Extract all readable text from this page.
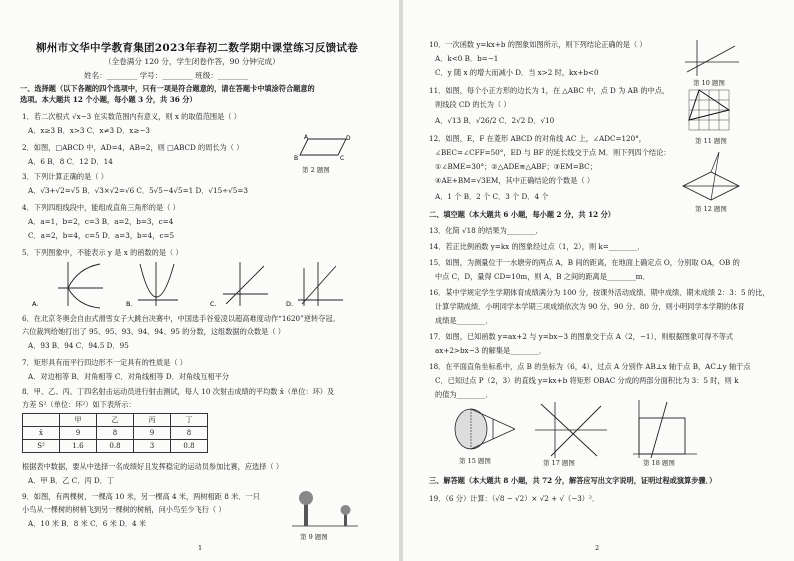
柳州市文华中学教育集团2023年春初二数学期中课堂练习反馈试卷
（全卷满分 120 分，学生闭卷作答，90 分钟完成）
姓名：________ 学号：________ 班级：________
一、选择题（以下各题的四个选项中，只有一项是符合题意的，请在答题卡中填涂符合题意的
选项。本大题共 12 个小题，每小题 3 分，共 36 分）
1．若二次根式 √x−3 在实数范围内有意义，则 x 的取值范围是（ ）
A．x≥3 B．x>3 C．x≠3 D．x≥−3
2．如图，□ABCD 中，AD=4，AB=2，则 □ABCD 的周长为（ ）
A．6 B．8 C．12 D．14	B	C
A	D
第 2 题图
3．下列计算正确的是（ ）
A．√3+√2=√5 B．√3×√2=√6 C．5√5−4√5=1 D．√15÷√5=3
4．下列四组线段中，能组成直角三角形的是（ ）
A．a=1，b=2，c=3 B．a=2，b=3，c=4
C．a=2，b=4，c=5 D．a=3，b=4，c=5
5．下列图象中，不能表示 y 是 x 的函数的是（ ）
A.	B.	C.	D.
6．在北京冬奥会自由式滑雪女子大跳台决赛中，中国选手谷爱凌以超高难度动作“1620”逆转夺冠。
六位裁判给她打出了 95、95、93、94、94、95 的分数，这组数据的众数是（ ）
A．93 B．94 C．94.5 D．95
7．矩形具有而平行四边形不一定具有的性质是（ ）
A．对边相等 B．对角相等 C．对角线相等 D．对角线互相平分
8．甲、乙、丙、丁四名射击运动员进行射击测试，每人 10 次射击成绩的平均数 x̄（单位：环）及
方差 S²（单位：环²）如下表所示：
	甲	乙	丙	丁
x̄	9	8	9	8
S²	1.6	0.8	3	0.8
根据表中数据，要从中选择一名成绩好且发挥稳定的运动员参加比赛，应选择（ ）
A．甲 B．乙 C．丙 D．丁
9．如图，有两棵树，一棵高 10 米，另一棵高 4 米，两树相距 8 米．一只
小鸟从一棵树的树梢飞到另一棵树的树梢，问小鸟至少飞行（ ）
A．10 米 B．8 米 C．6 米 D．4 米
第 9 题图
1
10．一次函数 y=kx+b 的图象如图所示，则下列结论正确的是（ ）
A．k<0 B．b=−1
C．y 随 x 的增大而减小 D．当 x>2 时，kx+b<0
第 10 题图
11．如图，每个小正方形的边长为 1，在 △ABC 中，点 D 为 AB 的中点，
则线段 CD 的长为（ ）
A．√13 B．√26/2 C．2√2 D．√10
第 11 题图
12．如图，E，F 在菱形 ABCD 的对角线 AC 上，∠ADC=120°，
∠BEC=∠CFF=50°，ED 与 BF 的延长线交于点 M．则下列四个结论：
①∠BME=30°；②△ADE≌△ABF；③EM=BC；
④AE+BM=√3EM，其中正确结论的个数是（ ）
A．1 个 B．2 个 C．3 个 D．4 个
第 12 题图
二、填空题（本大题共 6 小题，每小题 2 分，共 12 分）
13．化简 √18 的结果为________．
14．若正比例函数 y=kx 的图象经过点（1，2），则 k=________．
15．如图，为测量位于一水塘旁的两点 A，B 间的距离，在地面上确定点 O，分别取 OA，OB 的
中点 C，D，量得 CD=10m，则 A，B 之间的距离是________m．
16．某中学规定学生学期体育成绩满分为 100 分，按课外活动成绩、期中成绩、期末成绩 2：3：5 的比，
计算学期成绩．小明同学本学期三项成绩依次为 90 分、90 分、80 分，则小明同学本学期的体育
成绩是________．
17．如图，已知函数 y=ax+2 与 y=bx−3 的图象交于点 A（2，−1），则根据图象可得不等式
ax+2>bx−3 的解集是________．
18．在平面直角坐标系中，点 B 的坐标为（6，4），过点 A 分别作 AB⊥x 轴于点 B，AC⊥y 轴于点
C．已知过点 P（2，3）的直线 y=kx+b 将矩形 OBAC 分成的两部分面积比为 3：5 时，则 k
的值为________．
第 15 题图	第 17 题图	第 18 题图
三、解答题（本大题共 8 小题，共 72 分，解答应写出文字说明，证明过程或演算步骤．）
19．（6 分）计算：（√8 − √2）× √2 + √（−3）²．
2
